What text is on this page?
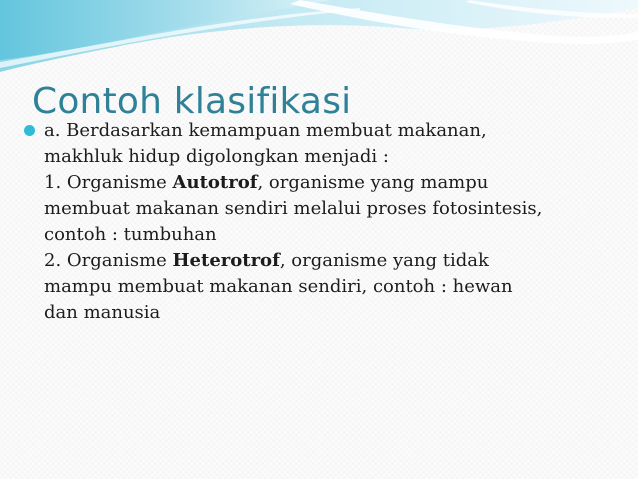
Contoh klasifikasi
a. Berdasarkan kemampuan membuat makanan,
makhluk hidup digolongkan menjadi :
1. Organisme Autotrof, organisme yang mampu
membuat makanan sendiri melalui proses fotosintesis,
contoh : tumbuhan
2. Organisme Heterotrof, organisme yang tidak
mampu membuat makanan sendiri, contoh : hewan
dan manusia
